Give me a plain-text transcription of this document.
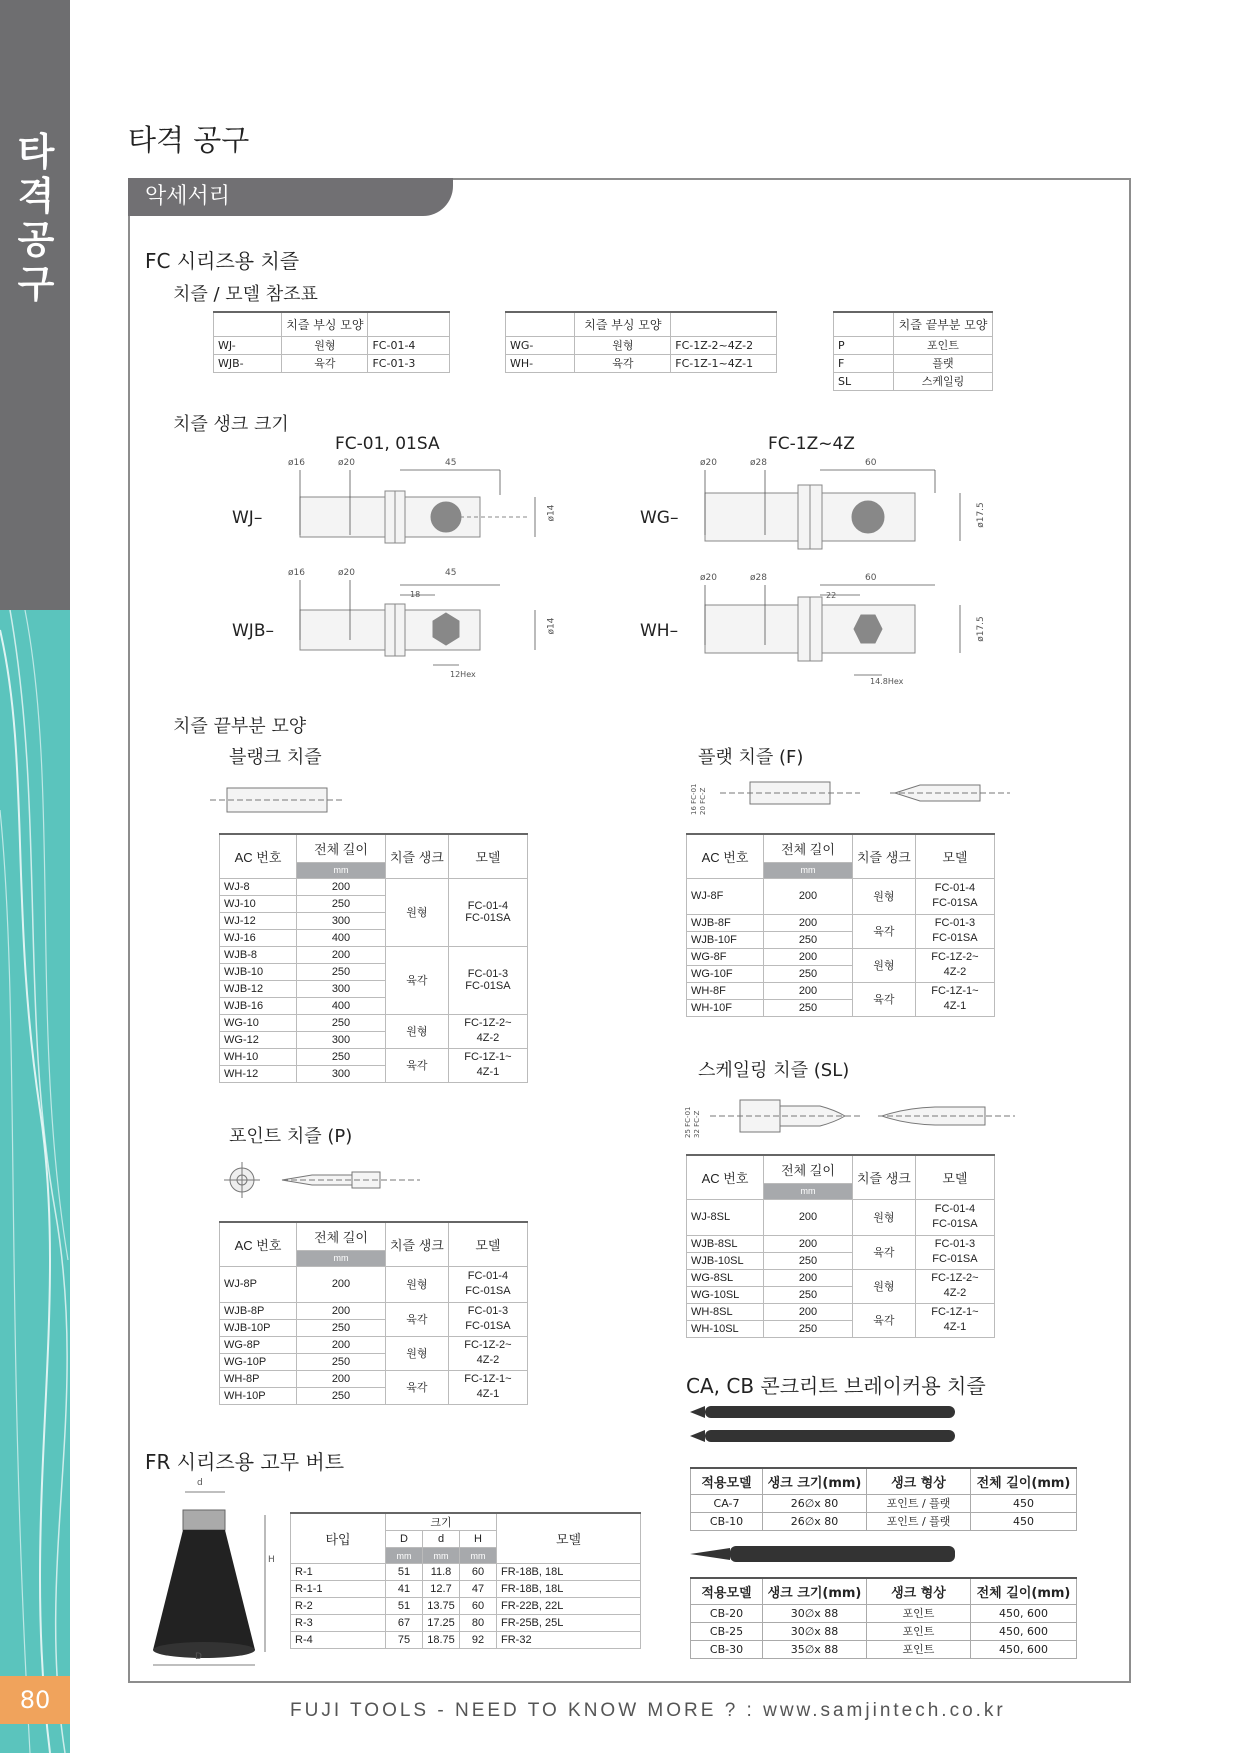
타격 공구
80
타격 공구
악세서리
FC 시리즈용 치즐
치즐 / 모델 참조표
	치즐 부싱 모양	
WJ-	원형	FC-01-4
WJB-	육각	FC-01-3
	치즐 부싱 모양	
WG-	원형	FC-1Z-2~4Z-2
WH-	육각	FC-1Z-1~4Z-1
	치즐 끝부분 모양
P	포인트
F	플랫
SL	스케일링
치즐 생크 크기
FC-01, 01SA
ø16	ø20	45
ø14
ø16	ø20	45
18
ø14
12Hex
WJ–
WJB–
FC-1Z~4Z
ø20	ø28	60
ø17.5
ø20	ø28	60
22
ø17.5
14.8Hex
WG–
WH–
치즐 끝부분 모양
블랭크 치즐
AC 번호	전체 길이	치즐 생크	모델
	mm		
WJ-8	200	원형	FC-01-4
FC-01SA
WJ-10	250		
WJ-12	300		
WJ-16	400		
WJB-8	200	육각	FC-01-3
FC-01SA
WJB-10	250		
WJB-12	300		
WJB-16	400		
WG-10	250	원형	FC-1Z-2~
4Z-2
WG-12	300		
WH-10	250	육각	FC-1Z-1~
4Z-1
WH-12	300		
포인트 치즐 (P)
AC 번호	전체 길이	치즐 생크	모델
	mm		
WJ-8P	200	원형	FC-01-4
FC-01SA
WJB-8P	200	육각	FC-01-3
FC-01SA
WJB-10P	250		
WG-8P	200	원형	FC-1Z-2~
4Z-2
WG-10P	250		
WH-8P	200	육각	FC-1Z-1~
4Z-1
WH-10P	250		
플랫 치즐 (F)
16 FC-01
20 FC-Z
AC 번호	전체 길이	치즐 생크	모델
	mm		
WJ-8F	200	원형	FC-01-4
FC-01SA
WJB-8F	200	육각	FC-01-3
FC-01SA
WJB-10F	250		
WG-8F	200	원형	FC-1Z-2~
4Z-2
WG-10F	250		
WH-8F	200	육각	FC-1Z-1~
4Z-1
WH-10F	250		
스케일링 치즐 (SL)
25 FC-01
32 FC-Z
AC 번호	전체 길이	치즐 생크	모델
	mm		
WJ-8SL	200	원형	FC-01-4
FC-01SA
WJB-8SL	200	육각	FC-01-3
FC-01SA
WJB-10SL	250		
WG-8SL	200	원형	FC-1Z-2~
4Z-2
WG-10SL	250		
WH-8SL	200	육각	FC-1Z-1~
4Z-1
WH-10SL	250		
CA, CB 콘크리트 브레이커용 치즐
적용모델	생크 크기(mm)	생크 형상	전체 길이(mm)
CA-7	26∅x 80	포인트 / 플랫	450
CB-10	26∅x 80	포인트 / 플랫	450
적용모델	생크 크기(mm)	생크 형상	전체 길이(mm)
CB-20	30∅x 88	포인트	450, 600
CB-25	30∅x 88	포인트	450, 600
CB-30	35∅x 88	포인트	450, 600
FR 시리즈용 고무 버트
d
D
H
타입	크기			모델
	D	d	H	
	mm	mm	mm	
R-1	51	11.8	60	FR-18B, 18L
R-1-1	41	12.7	47	FR-18B, 18L
R-2	51	13.75	60	FR-22B, 22L
R-3	67	17.25	80	FR-25B, 25L
R-4	75	18.75	92	FR-32
FUJI TOOLS - NEED TO KNOW MORE ? : www.samjintech.co.kr
